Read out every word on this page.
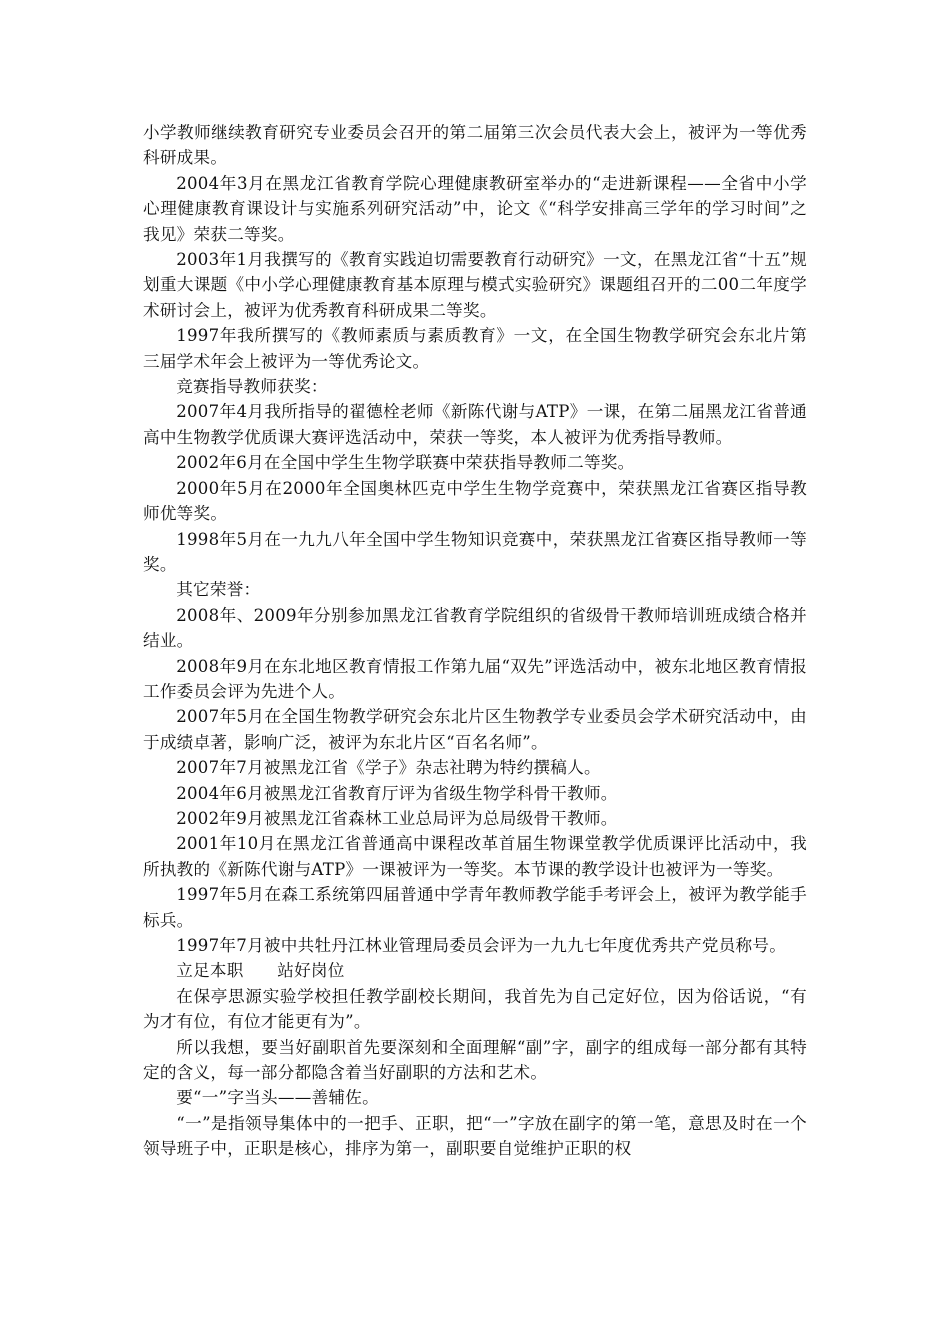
小学教师继续教育研究专业委员会召开的第二届第三次会员代表大会上，被评为一等优秀科研成果。

2004年3月在黑龙江省教育学院心理健康教研室举办的“走进新课程——全省中小学心理健康教育课设计与实施系列研究活动”中，论文《“科学安排高三学年的学习时间”之我见》荣获二等奖。

2003年1月我撰写的《教育实践迫切需要教育行动研究》一文，在黑龙江省“十五”规划重大课题《中小学心理健康教育基本原理与模式实验研究》课题组召开的二00二年度学术研讨会上，被评为优秀教育科研成果二等奖。

1997年我所撰写的《教师素质与素质教育》一文，在全国生物教学研究会东北片第三届学术年会上被评为一等优秀论文。

竞赛指导教师获奖：

2007年4月我所指导的翟德栓老师《新陈代谢与ATP》一课，在第二届黑龙江省普通高中生物教学优质课大赛评选活动中，荣获一等奖，本人被评为优秀指导教师。

2002年6月在全国中学生生物学联赛中荣获指导教师二等奖。

2000年5月在2000年全国奥林匹克中学生生物学竞赛中，荣获黑龙江省赛区指导教师优等奖。

1998年5月在一九九八年全国中学生物知识竞赛中，荣获黑龙江省赛区指导教师一等奖。

其它荣誉：

2008年、2009年分别参加黑龙江省教育学院组织的省级骨干教师培训班成绩合格并结业。

2008年9月在东北地区教育情报工作第九届“双先”评选活动中，被东北地区教育情报工作委员会评为先进个人。

2007年5月在全国生物教学研究会东北片区生物教学专业委员会学术研究活动中，由于成绩卓著，影响广泛，被评为东北片区“百名名师”。

2007年7月被黑龙江省《学子》杂志社聘为特约撰稿人。

2004年6月被黑龙江省教育厅评为省级生物学科骨干教师。

2002年9月被黑龙江省森林工业总局评为总局级骨干教师。

2001年10月在黑龙江省普通高中课程改革首届生物课堂教学优质课评比活动中，我所执教的《新陈代谢与ATP》一课被评为一等奖。本节课的教学设计也被评为一等奖。

1997年5月在森工系统第四届普通中学青年教师教学能手考评会上，被评为教学能手标兵。

1997年7月被中共牡丹江林业管理局委员会评为一九九七年度优秀共产党员称号。

立足本职　　站好岗位

在保亭思源实验学校担任教学副校长期间，我首先为自己定好位，因为俗话说，“有为才有位，有位才能更有为”。

所以我想，要当好副职首先要深刻和全面理解“副”字，副字的组成每一部分都有其特定的含义，每一部分都隐含着当好副职的方法和艺术。

要“一”字当头——善辅佐。

“一”是指领导集体中的一把手、正职，把“一”字放在副字的第一笔，意思及时在一个领导班子中，正职是核心，排序为第一，副职要自觉维护正职的权
